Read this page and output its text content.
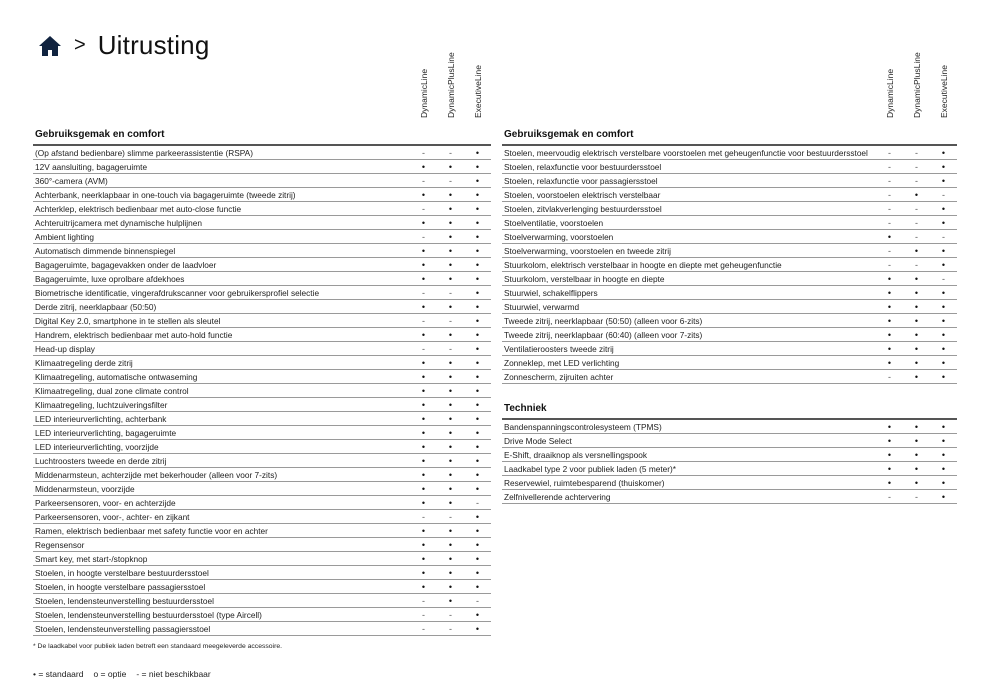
> Uitrusting
DynamicLine DynamicPlusLine ExecutiveLine
Gebruiksgemak en comfort
(Op afstand bedienbare) slimme parkeerassistentie (RSPA)	-	-	•
12V aansluiting, bagageruimte	•	•	•
360°-camera (AVM)	-	-	•
Achterbank, neerklapbaar in one-touch via bagageruimte (tweede zitrij)	•	•	•
Achterklep, elektrisch bedienbaar met auto-close functie	-	•	•
Achteruitrijcamera met dynamische hulplijnen	•	•	•
Ambient lighting	-	•	•
Automatisch dimmende binnenspiegel	•	•	•
Bagageruimte, bagagevakken onder de laadvloer	•	•	•
Bagageruimte, luxe oprolbare afdekhoes	•	•	•
Biometrische identificatie, vingerafdrukscanner voor gebruikersprofiel selectie	-	-	•
Derde zitrij, neerklapbaar (50:50)	•	•	•
Digital Key 2.0, smartphone in te stellen als sleutel	-	-	•
Handrem, elektrisch bedienbaar met auto-hold functie	•	•	•
Head-up display	-	-	•
Klimaatregeling derde zitrij	•	•	•
Klimaatregeling, automatische ontwaseming	•	•	•
Klimaatregeling, dual zone climate control	•	•	•
Klimaatregeling, luchtzuiveringsfilter	•	•	•
LED interieurverlichting, achterbank	•	•	•
LED interieurverlichting, bagageruimte	•	•	•
LED interieurverlichting, voorzijde	•	•	•
Luchtroosters tweede en derde zitrij	•	•	•
Middenarmsteun, achterzijde met bekerhouder (alleen voor 7-zits)	•	•	•
Middenarmsteun, voorzijde	•	•	•
Parkeersensoren, voor- en achterzijde	•	•	-
Parkeersensoren, voor-, achter- en zijkant	-	-	•
Ramen, elektrisch bedienbaar met safety functie voor en achter	•	•	•
Regensensor	•	•	•
Smart key, met start-/stopknop	•	•	•
Stoelen, in hoogte verstelbare bestuurdersstoel	•	•	•
Stoelen, in hoogte verstelbare passagiersstoel	•	•	•
Stoelen, lendensteunverstelling bestuurdersstoel	-	•	-
Stoelen, lendensteunverstelling bestuurdersstoel (type Aircell)	-	-	•
Stoelen, lendensteunverstelling passagiersstoel	-	-	•
DynamicLine DynamicPlusLine ExecutiveLine
Gebruiksgemak en comfort
Stoelen, meervoudig elektrisch verstelbare voorstoelen met geheugenfunctie voor bestuurdersstoel	-	-	•
Stoelen, relaxfunctie voor bestuurdersstoel	-	-	•
Stoelen, relaxfunctie voor passagiersstoel	-	-	•
Stoelen, voorstoelen elektrisch verstelbaar	-	•	-
Stoelen, zitvlakverlenging bestuurdersstoel	-	-	•
Stoelventilatie, voorstoelen	-	-	•
Stoelverwarming, voorstoelen	•	-	-
Stoelverwarming, voorstoelen en tweede zitrij	-	•	•
Stuurkolom, elektrisch verstelbaar in hoogte en diepte met geheugenfunctie	-	-	•
Stuurkolom, verstelbaar in hoogte en diepte	•	•	-
Stuurwiel, schakelflippers	•	•	•
Stuurwiel, verwarmd	•	•	•
Tweede zitrij, neerklapbaar (50:50) (alleen voor 6-zits)	•	•	•
Tweede zitrij, neerklapbaar (60:40) (alleen voor 7-zits)	•	•	•
Ventilatieroosters tweede zitrij	•	•	•
Zonneklep, met LED verlichting	•	•	•
Zonnescherm, zijruiten achter	-	•	•
Techniek
Bandenspanningscontrolesysteem (TPMS)	•	•	•
Drive Mode Select	•	•	•
E-Shift, draaiknop als versnellingspook	•	•	•
Laadkabel type 2 voor publiek laden (5 meter)*	•	•	•
Reservewiel, ruimtebesparend (thuiskomer)	•	•	•
Zelfnivellerende achtervering	-	-	•
* De laadkabel voor publiek laden betreft een standaard meegeleverde accessoire.
• = standaard o = optie - = niet beschikbaar
